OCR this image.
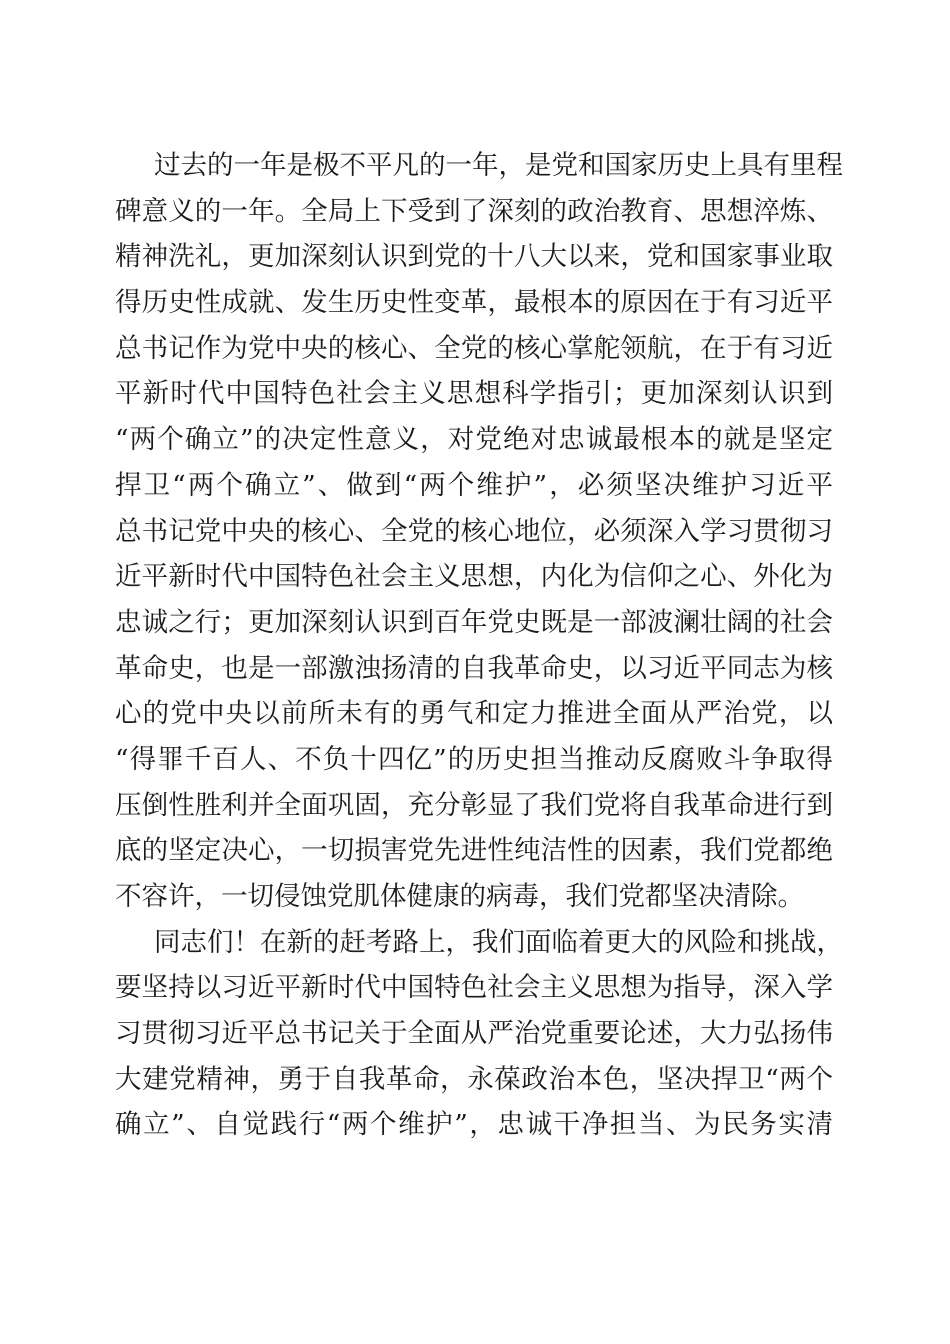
过去的一年是极不平凡的一年，是党和国家历史上具有里程
碑意义的一年。全局上下受到了深刻的政治教育、思想淬炼、
精神洗礼，更加深刻认识到党的十八大以来，党和国家事业取
得历史性成就、发生历史性变革，最根本的原因在于有习近平
总书记作为党中央的核心、全党的核心掌舵领航，在于有习近
平新时代中国特色社会主义思想科学指引；更加深刻认识到
“两个确立”的决定性意义，对党绝对忠诚最根本的就是坚定
捍卫“两个确立”、做到“两个维护”，必须坚决维护习近平
总书记党中央的核心、全党的核心地位，必须深入学习贯彻习
近平新时代中国特色社会主义思想，内化为信仰之心、外化为
忠诚之行；更加深刻认识到百年党史既是一部波澜壮阔的社会
革命史，也是一部激浊扬清的自我革命史，以习近平同志为核
心的党中央以前所未有的勇气和定力推进全面从严治党，以
“得罪千百人、不负十四亿”的历史担当推动反腐败斗争取得
压倒性胜利并全面巩固，充分彰显了我们党将自我革命进行到
底的坚定决心，一切损害党先进性纯洁性的因素，我们党都绝
不容许，一切侵蚀党肌体健康的病毒，我们党都坚决清除。
同志们！在新的赶考路上，我们面临着更大的风险和挑战，
要坚持以习近平新时代中国特色社会主义思想为指导，深入学
习贯彻习近平总书记关于全面从严治党重要论述，大力弘扬伟
大建党精神，勇于自我革命，永葆政治本色，坚决捍卫“两个
确立”、自觉践行“两个维护”，忠诚干净担当、为民务实清
